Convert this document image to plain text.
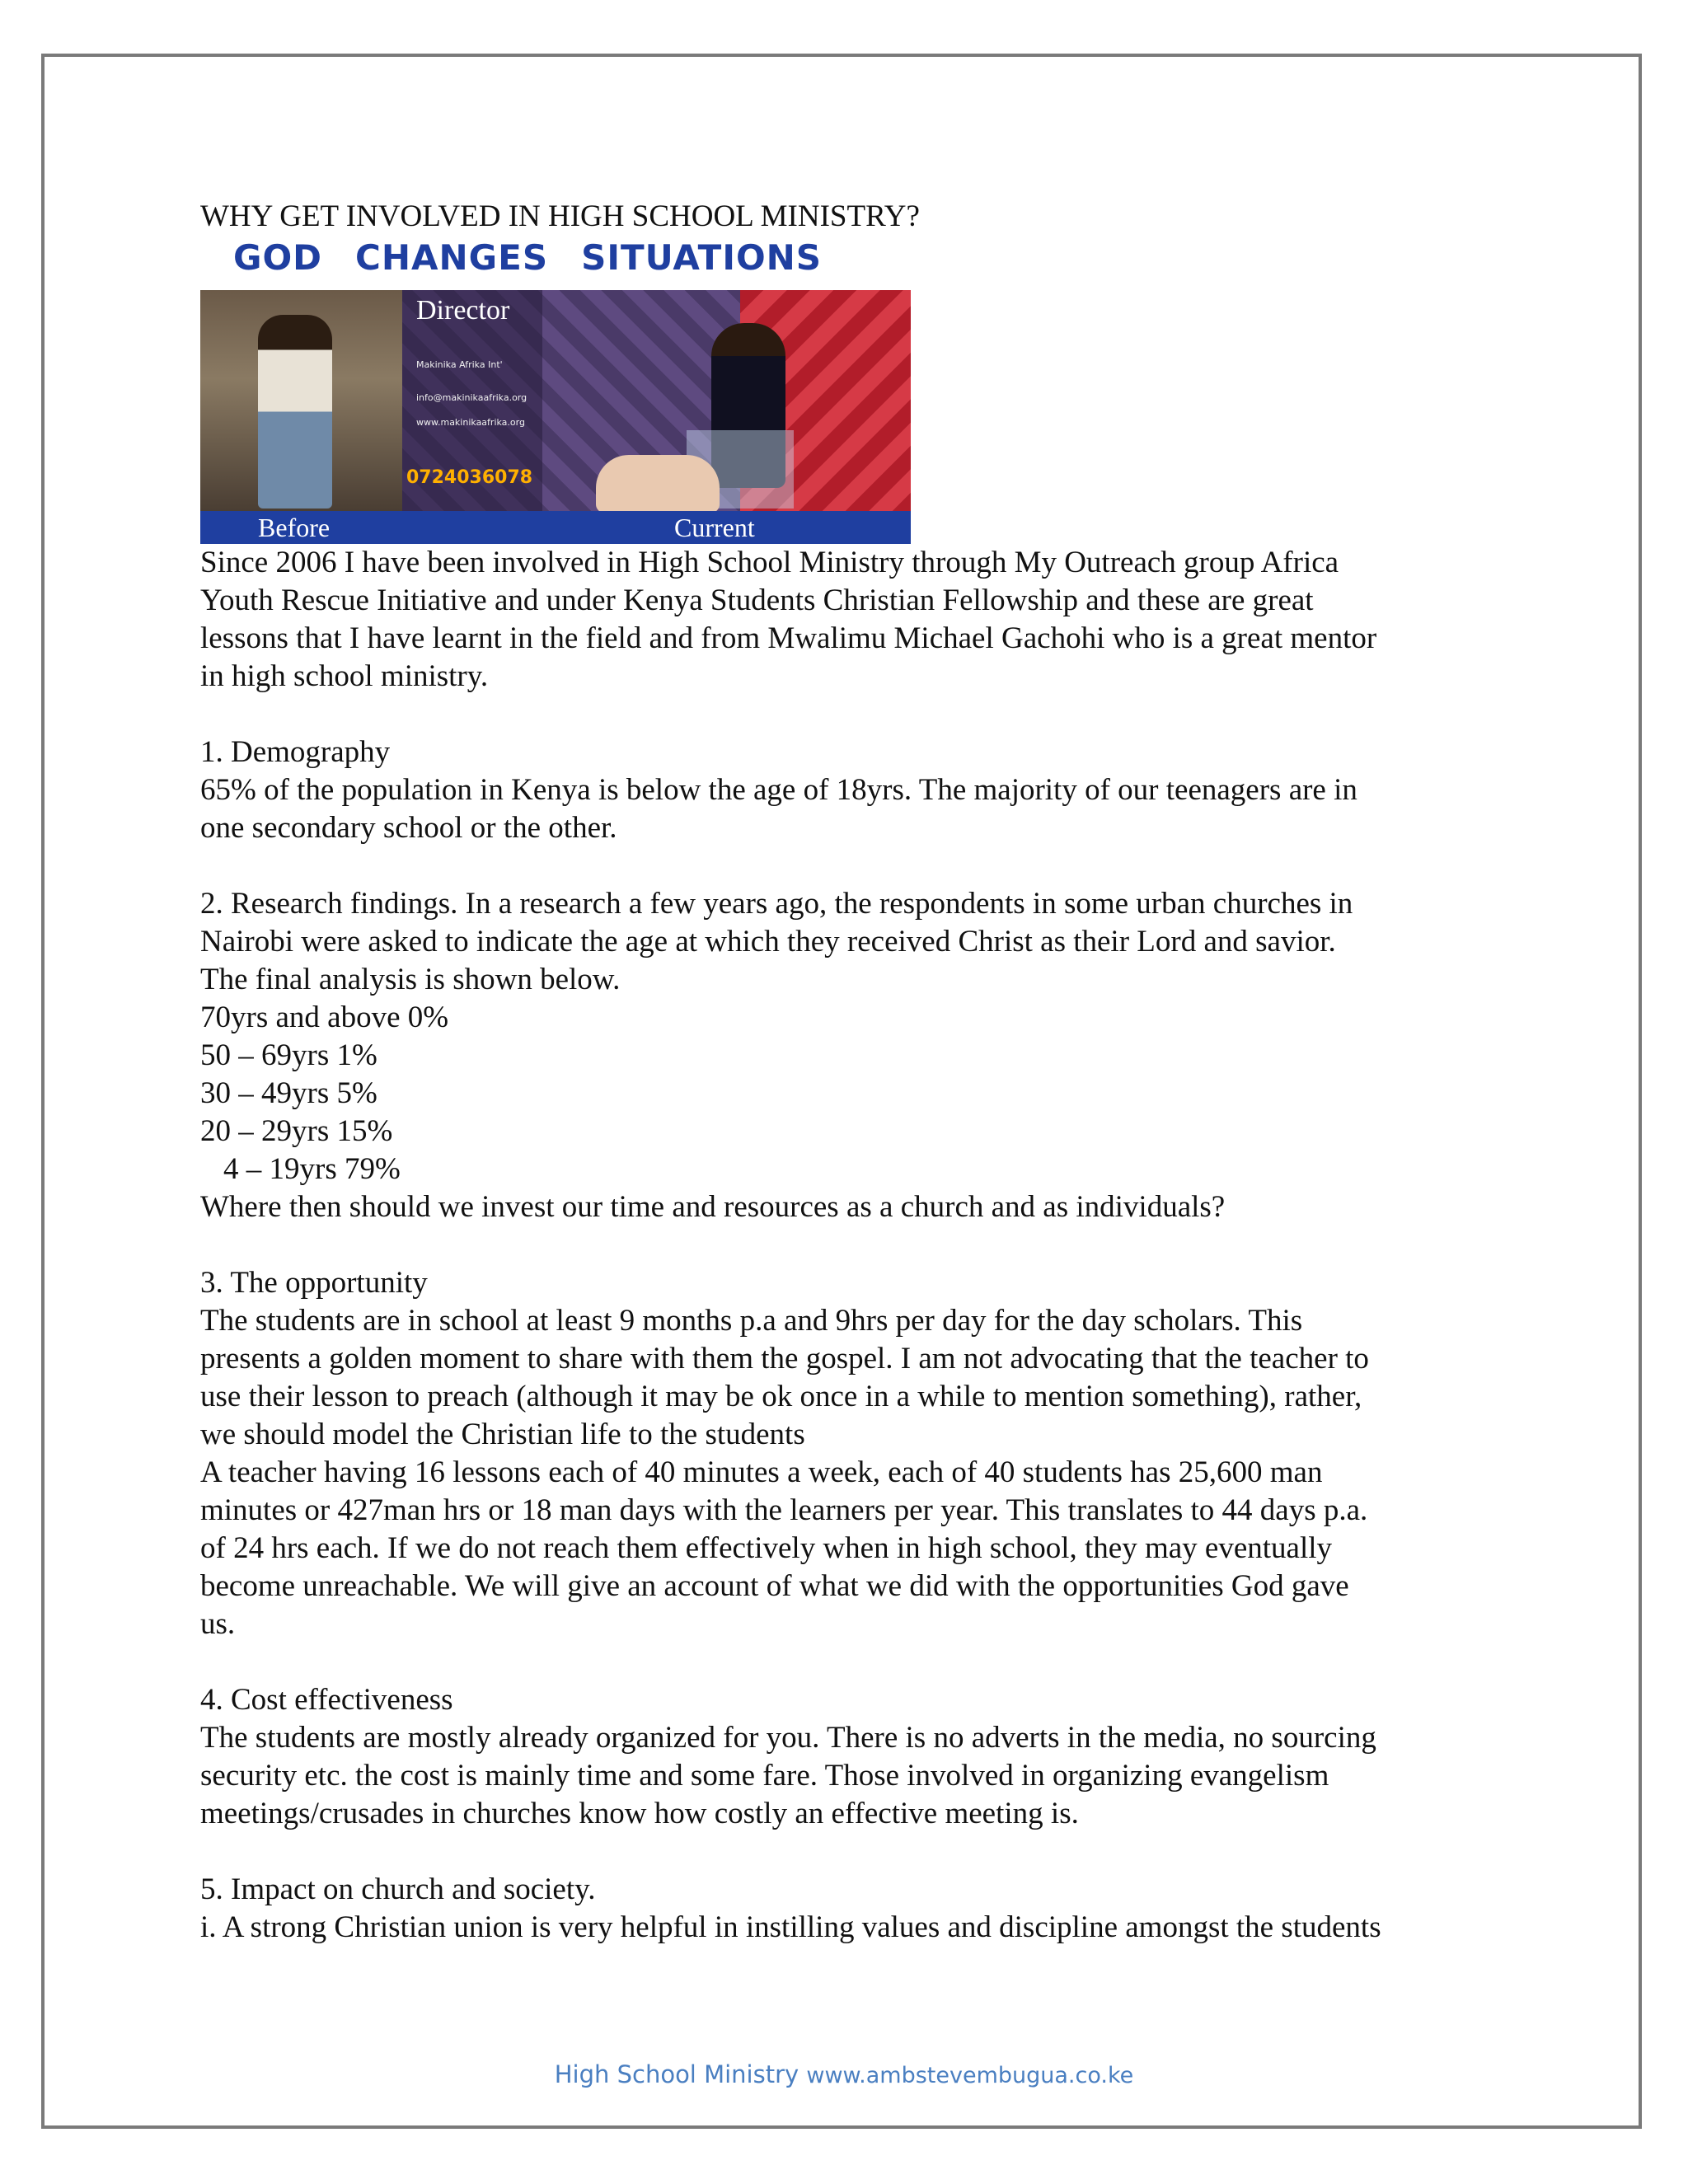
WHY GET INVOLVED IN HIGH SCHOOL MINISTRY?

GOD CHANGES SITUATIONS
Director
Makinika Afrika Int'
info@makinikaafrika.org
www.makinikaafrika.org
0724036078
Before	Current

Since 2006 I have been involved in High School Ministry through My Outreach group Africa

Youth Rescue Initiative and under Kenya Students Christian Fellowship and these are great

lessons that I have learnt in the field and from Mwalimu Michael Gachohi who is a great mentor

in high school ministry.

1. Demography

65% of the population in Kenya is below the age of 18yrs. The majority of our teenagers are in

one secondary school or the other.

2. Research findings. In a research a few years ago, the respondents in some urban churches in

Nairobi were asked to indicate the age at which they received Christ as their Lord and savior.

The final analysis is shown below.

70yrs and above 0%

50 – 69yrs 1%

30 – 49yrs 5%

20 – 29yrs 15%

4 – 19yrs 79%

Where then should we invest our time and resources as a church and as individuals?

3. The opportunity

The students are in school at least 9 months p.a and 9hrs per day for the day scholars. This

presents a golden moment to share with them the gospel. I am not advocating that the teacher to

use their lesson to preach (although it may be ok once in a while to mention something), rather,

we should model the Christian life to the students

A teacher having 16 lessons each of 40 minutes a week, each of 40 students has 25,600 man

minutes or 427man hrs or 18 man days with the learners per year. This translates to 44 days p.a.

of 24 hrs each. If we do not reach them effectively when in high school, they may eventually

become unreachable. We will give an account of what we did with the opportunities God gave

us.

4. Cost effectiveness

The students are mostly already organized for you. There is no adverts in the media, no sourcing

security etc. the cost is mainly time and some fare. Those involved in organizing evangelism

meetings/crusades in churches know how costly an effective meeting is.

5. Impact on church and society.

i. A strong Christian union is very helpful in instilling values and discipline amongst the students

High School Ministry www.ambstevembugua.co.ke
